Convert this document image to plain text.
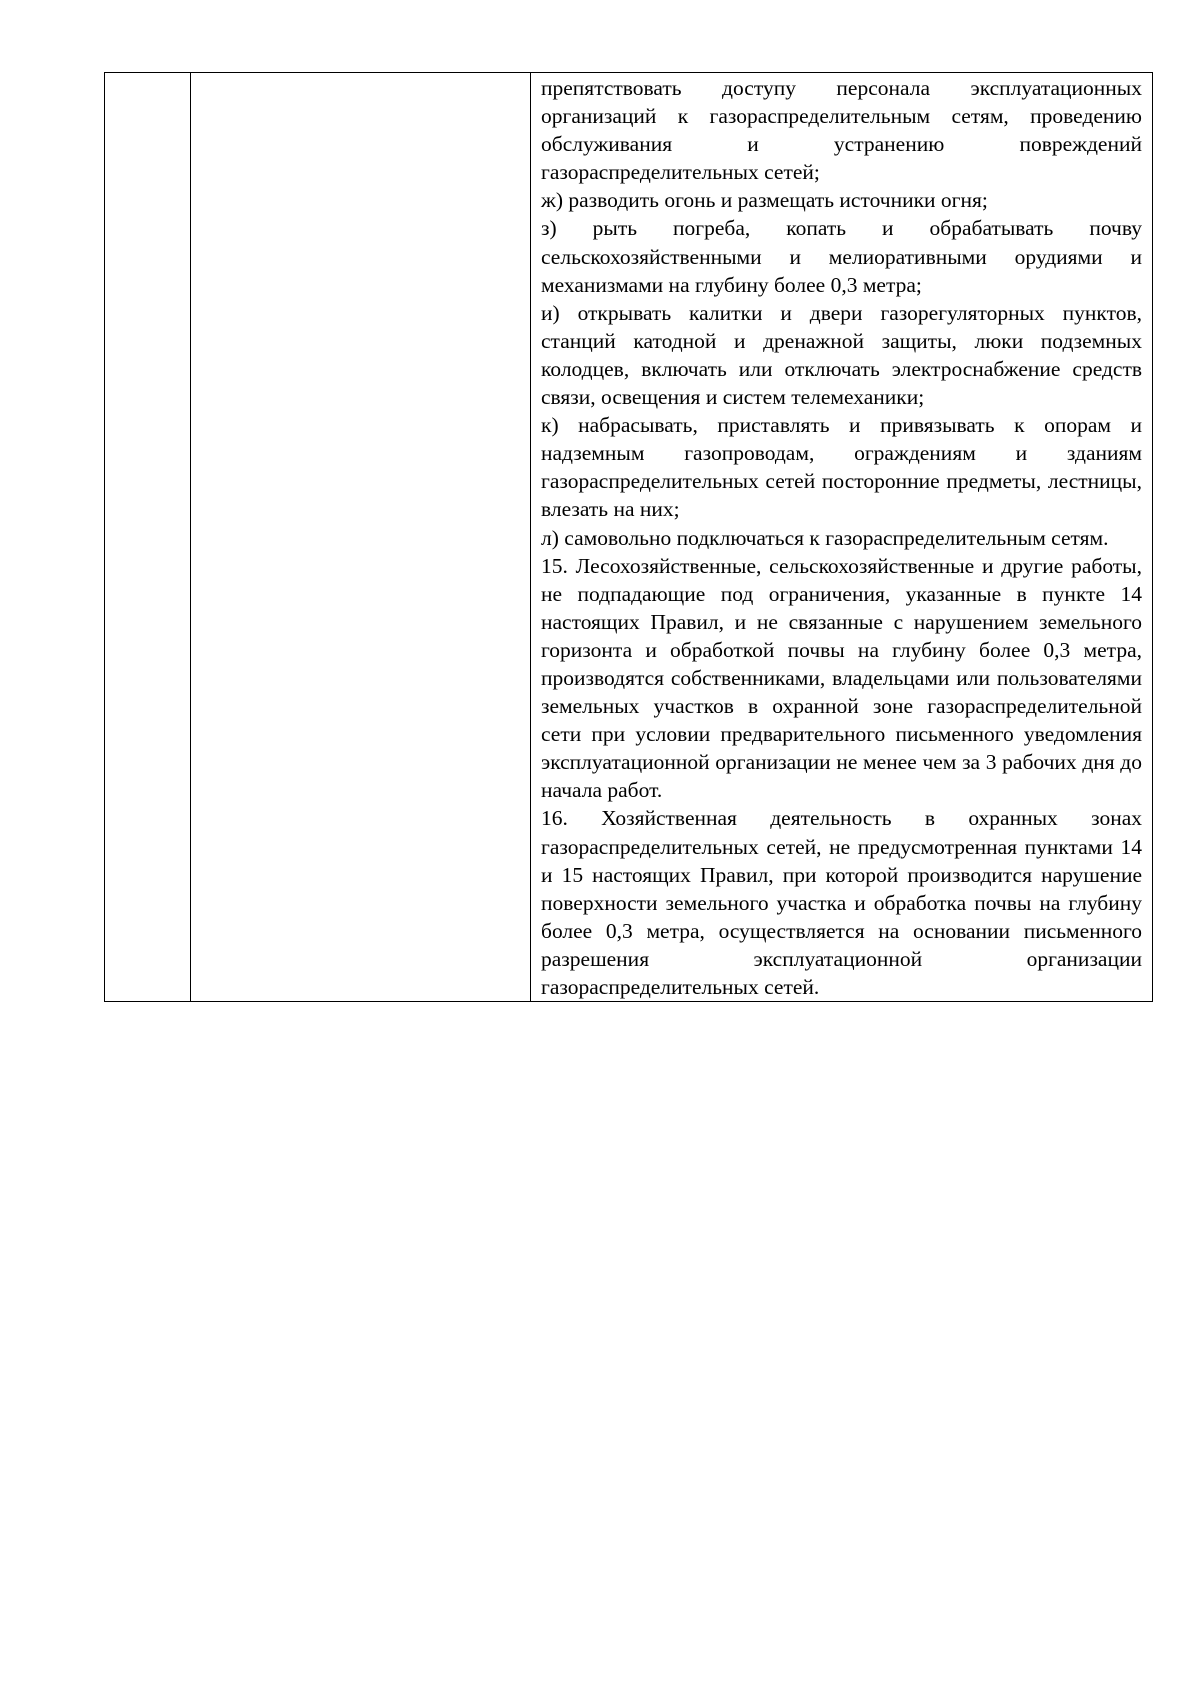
препятствовать доступу персонала эксплуатационных организаций к газораспределительным сетям, проведению обслуживания и устранению повреждений газораспределительных сетей;

ж) разводить огонь и размещать источники огня;

з) рыть погреба, копать и обрабатывать почву сельскохозяйственными и мелиоративными орудиями и механизмами на глубину более 0,3 метра;

и) открывать калитки и двери газорегуляторных пунктов, станций катодной и дренажной защиты, люки подземных колодцев, включать или отключать электроснабжение средств связи, освещения и систем телемеханики;

к) набрасывать, приставлять и привязывать к опорам и надземным газопроводам, ограждениям и зданиям газораспределительных сетей посторонние предметы, лестницы, влезать на них;

л) самовольно подключаться к газораспределительным сетям.

15. Лесохозяйственные, сельскохозяйственные и другие работы, не подпадающие под ограничения, указанные в пункте 14 настоящих Правил, и не связанные с нарушением земельного горизонта и обработкой почвы на глубину более 0,3 метра, производятся собственниками, владельцами или пользователями земельных участков в охранной зоне газораспределительной сети при условии предварительного письменного уведомления эксплуатационной организации не менее чем за 3 рабочих дня до начала работ.

16. Хозяйственная деятельность в охранных зонах газораспределительных сетей, не предусмотренная пунктами 14 и 15 настоящих Правил, при которой производится нарушение поверхности земельного участка и обработка почвы на глубину более 0,3 метра, осуществляется на основании письменного разрешения эксплуатационной организации газораспределительных сетей.
